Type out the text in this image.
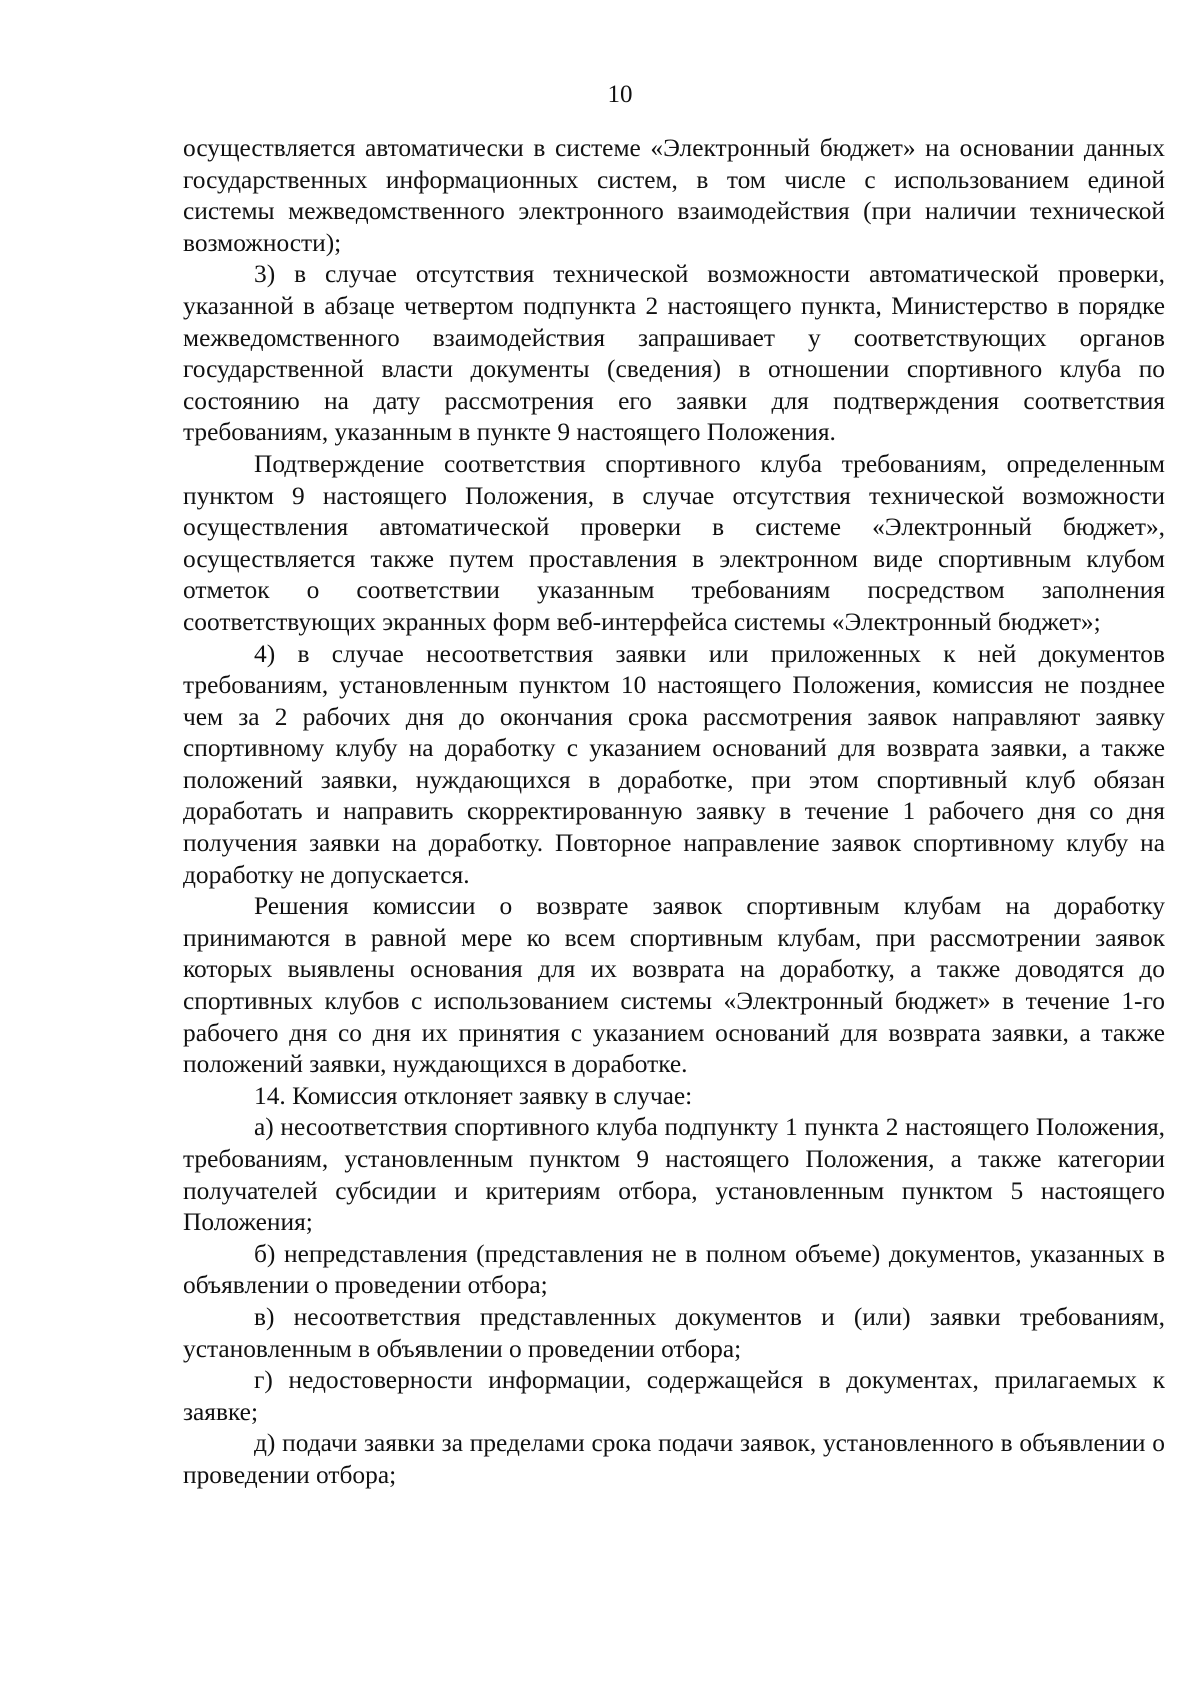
10

осуществляется автоматически в системе «Электронный бюджет» на основании данных государственных информационных систем, в том числе с использованием единой системы межведомственного электронного взаимодействия (при наличии технической возможности);

3) в случае отсутствия технической возможности автоматической проверки, указанной в абзаце четвертом подпункта 2 настоящего пункта, Министерство в порядке межведомственного взаимодействия запрашивает у соответствующих органов государственной власти документы (сведения) в отношении спортивного клуба по состоянию на дату рассмотрения его заявки для подтверждения соответствия требованиям, указанным в пункте 9 настоящего Положения.

Подтверждение соответствия спортивного клуба требованиям, определенным пунктом 9 настоящего Положения, в случае отсутствия технической возможности осуществления автоматической проверки в системе «Электронный бюджет», осуществляется также путем проставления в электронном виде спортивным клубом отметок о соответствии указанным требованиям посредством заполнения соответствующих экранных форм веб-интерфейса системы «Электронный бюджет»;

4) в случае несоответствия заявки или приложенных к ней документов требованиям, установленным пунктом 10 настоящего Положения, комиссия не позднее чем за 2 рабочих дня до окончания срока рассмотрения заявок направляют заявку спортивному клубу на доработку с указанием оснований для возврата заявки, а также положений заявки, нуждающихся в доработке, при этом спортивный клуб обязан доработать и направить скорректированную заявку в течение 1 рабочего дня со дня получения заявки на доработку. Повторное направление заявок спортивному клубу на доработку не допускается.

Решения комиссии о возврате заявок спортивным клубам на доработку принимаются в равной мере ко всем спортивным клубам, при рассмотрении заявок которых выявлены основания для их возврата на доработку, а также доводятся до спортивных клубов с использованием системы «Электронный бюджет» в течение 1-го рабочего дня со дня их принятия с указанием оснований для возврата заявки, а также положений заявки, нуждающихся в доработке.

14. Комиссия отклоняет заявку в случае:

а) несоответствия спортивного клуба подпункту 1 пункта 2 настоящего Положения, требованиям, установленным пунктом 9 настоящего Положения, а также категории получателей субсидии и критериям отбора, установленным пунктом 5 настоящего Положения;

б) непредставления (представления не в полном объеме) документов, указанных в объявлении о проведении отбора;

в) несоответствия представленных документов и (или) заявки требованиям, установленным в объявлении о проведении отбора;

г) недостоверности информации, содержащейся в документах, прилагаемых к заявке;

д) подачи заявки за пределами срока подачи заявок, установленного в объявлении о проведении отбора;
